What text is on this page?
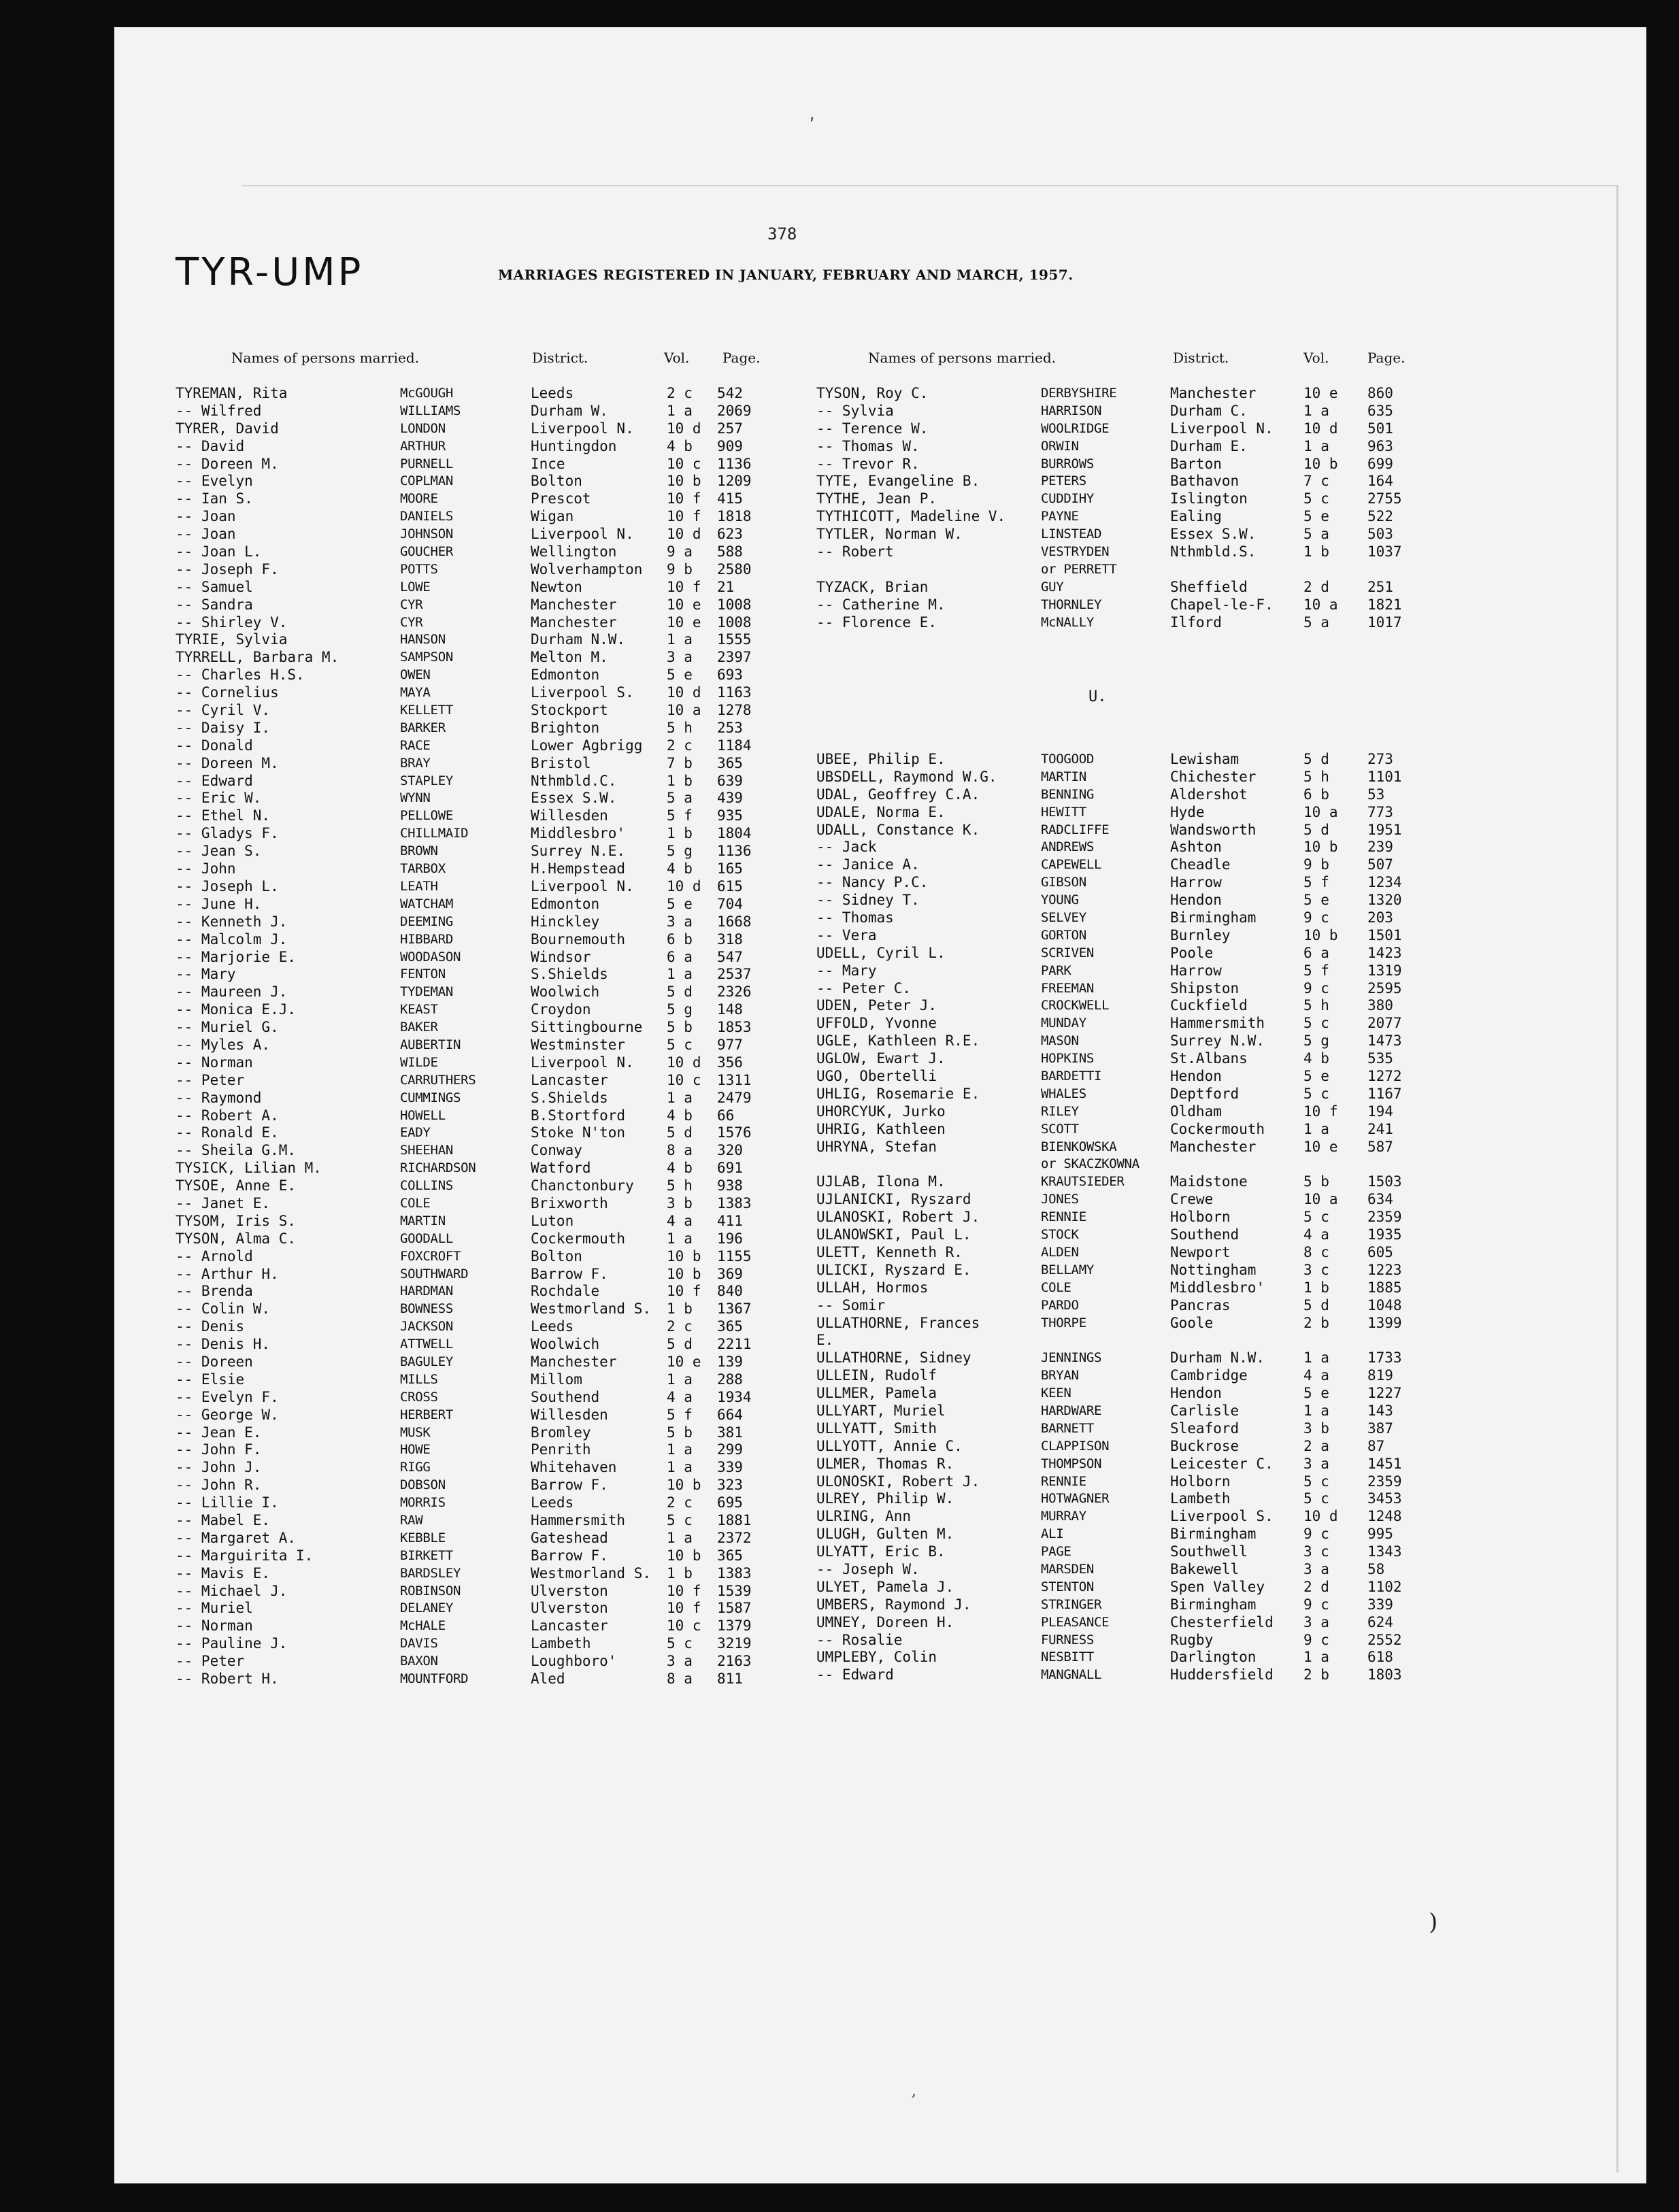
378
TYR-UMP	MARRIAGES REGISTERED IN JANUARY, FEBRUARY AND MARCH, 1957.
Names of persons married.	District.	Vol. Page.	Names of persons married.	District.	Vol.	Page.
TYREMAN, Rita	McGOUGH	Leeds	2 c 542
-- Wilfred	WILLIAMS	Durham W.	1 a 2069
TYRER, David	LONDON	Liverpool N. 10 d 257
-- David	ARTHUR	Huntingdon	4 b 909
-- Doreen M.	PURNELL	Ince	10 c 1136
-- Evelyn	COPLMAN	Bolton	10 b 1209
-- Ian S.	MOORE	Prescot	10 f 415
-- Joan	DANIELS	Wigan	10 f 1818
-- Joan	JOHNSON	Liverpool N. 10 d 623
-- Joan L.	GOUCHER	Wellington	9 a 588
-- Joseph F.	POTTS	Wolverhampton 9 b 2580
-- Samuel	LOWE	Newton	10 f 21
-- Sandra	CYR	Manchester	10 e 1008
-- Shirley V.	CYR	Manchester	10 e 1008
TYRIE, Sylvia	HANSON	Durham N.W.	1 a 1555
TYRRELL, Barbara M.	SAMPSON	Melton M.	3 a 2397
-- Charles H.S.	OWEN	Edmonton	5 e 693
-- Cornelius	MAYA	Liverpool S. 10 d 1163
-- Cyril V.	KELLETT	Stockport	10 a 1278
-- Daisy I.	BARKER	Brighton	5 h 253
-- Donald	RACE	Lower Agbrigg 2 c 1184
-- Doreen M.	BRAY	Bristol	7 b 365
-- Edward	STAPLEY	Nthmbld.C.	1 b 639
-- Eric W.	WYNN	Essex S.W.	5 a 439
-- Ethel N.	PELLOWE	Willesden	5 f 935
-- Gladys F.	CHILLMAID	Middlesbro'	1 b 1804
-- Jean S.	BROWN	Surrey N.E.	5 g 1136
-- John	TARBOX	H.Hempstead	4 b 165
-- Joseph L.	LEATH	Liverpool N. 10 d 615
-- June H.	WATCHAM	Edmonton	5 e 704
-- Kenneth J.	DEEMING	Hinckley	3 a 1668
-- Malcolm J.	HIBBARD	Bournemouth	6 b 318
-- Marjorie E.	WOODASON	Windsor	6 a 547
-- Mary	FENTON	S.Shields	1 a 2537
-- Maureen J.	TYDEMAN	Woolwich	5 d 2326
-- Monica E.J.	KEAST	Croydon	5 g 148
-- Muriel G.	BAKER	Sittingbourne 5 b 1853
-- Myles A.	AUBERTIN	Westminster	5 c 977
-- Norman	WILDE	Liverpool N. 10 d 356
-- Peter	CARRUTHERS	Lancaster	10 c 1311
-- Raymond	CUMMINGS	S.Shields	1 a 2479
-- Robert A.	HOWELL	B.Stortford	4 b 66
-- Ronald E.	EADY	Stoke N'ton	5 d 1576
-- Sheila G.M.	SHEEHAN	Conway	8 a 320
TYSICK, Lilian M.	RICHARDSON	Watford	4 b 691
TYSOE, Anne E.	COLLINS	Chanctonbury 5 h 938
-- Janet E.	COLE	Brixworth	3 b 1383
TYSOM, Iris S.	MARTIN	Luton	4 a 411
TYSON, Alma C.	GOODALL	Cockermouth	1 a 196
-- Arnold	FOXCROFT	Bolton	10 b 1155
-- Arthur H.	SOUTHWARD	Barrow F.	10 b 369
-- Brenda	HARDMAN	Rochdale	10 f 840
-- Colin W.	BOWNESS	Westmorland S. 1 b 1367
-- Denis	JACKSON	Leeds	2 c 365
-- Denis H.	ATTWELL	Woolwich	5 d 2211
-- Doreen	BAGULEY	Manchester	10 e 139
-- Elsie	MILLS	Millom	1 a 288
-- Evelyn F.	CROSS	Southend	4 a 1934
-- George W.	HERBERT	Willesden	5 f 664
-- Jean E.	MUSK	Bromley	5 b 381
-- John F.	HOWE	Penrith	1 a 299
-- John J.	RIGG	Whitehaven	1 a 339
-- John R.	DOBSON	Barrow F.	10 b 323
-- Lillie I.	MORRIS	Leeds	2 c 695
-- Mabel E.	RAW	Hammersmith	5 c 1881
-- Margaret A.	KEBBLE	Gateshead	1 a 2372
-- Marguirita I.	BIRKETT	Barrow F.	10 b 365
-- Mavis E.	BARDSLEY	Westmorland S. 1 b 1383
-- Michael J.	ROBINSON	Ulverston	10 f 1539
-- Muriel	DELANEY	Ulverston	10 f 1587
-- Norman	McHALE	Lancaster	10 c 1379
-- Pauline J.	DAVIS	Lambeth	5 c 3219
-- Peter	BAXON	Loughboro'	3 a 2163
-- Robert H.	MOUNTFORD	Aled	8 a 811
TYSON, Roy C.	DERBYSHIRE	Manchester	10 e 860
-- Sylvia	HARRISON	Durham C.	1 a	635
-- Terence W.	WOOLRIDGE	Liverpool N. 10 d 501
-- Thomas W.	ORWIN	Durham E.	1 a	963
-- Trevor R.	BURROWS	Barton	10 b 699
TYTE, Evangeline B.	PETERS	Bathavon	7 c	164
TYTHE, Jean P.	CUDDIHY	Islington	5 c	2755
TYTHICOTT, Madeline V.	PAYNE	Ealing	5 e	522
TYTLER, Norman W.	LINSTEAD	Essex S.W.	5 a	503
-- Robert	VESTRYDEN	Nthmbld.S.	1 b	1037
or PERRETT
TYZACK, Brian	GUY	Sheffield	2 d	251
-- Catherine M.	THORNLEY	Chapel-le-F. 10 a 1821
-- Florence E.	McNALLY	Ilford	5 a	1017
U.
UBEE, Philip E.	TOOGOOD	Lewisham	5 d	273
UBSDELL, Raymond W.G.	MARTIN	Chichester	5 h	1101
UDAL, Geoffrey C.A.	BENNING	Aldershot	6 b	53
UDALE, Norma E.	HEWITT	Hyde	10 a 773
UDALL, Constance K.	RADCLIFFE	Wandsworth	5 d	1951
-- Jack	ANDREWS	Ashton	10 b 239
-- Janice A.	CAPEWELL	Cheadle	9 b	507
-- Nancy P.C.	GIBSON	Harrow	5 f	1234
-- Sidney T.	YOUNG	Hendon	5 e	1320
-- Thomas	SELVEY	Birmingham	9 c	203
-- Vera	GORTON	Burnley	10 b 1501
UDELL, Cyril L.	SCRIVEN	Poole	6 a	1423
-- Mary	PARK	Harrow	5 f	1319
-- Peter C.	FREEMAN	Shipston	9 c	2595
UDEN, Peter J.	CROCKWELL	Cuckfield	5 h	380
UFFOLD, Yvonne	MUNDAY	Hammersmith	5 c	2077
UGLE, Kathleen R.E.	MASON	Surrey N.W.	5 g	1473
UGLOW, Ewart J.	HOPKINS	St.Albans	4 b	535
UGO, Obertelli	BARDETTI	Hendon	5 e	1272
UHLIG, Rosemarie E.	WHALES	Deptford	5 c	1167
UHORCYUK, Jurko	RILEY	Oldham	10 f 194
UHRIG, Kathleen	SCOTT	Cockermouth	1 a	241
UHRYNA, Stefan	BIENKOWSKA	Manchester	10 e 587
or SKACZKOWNA
UJLAB, Ilona M.	KRAUTSIEDER	Maidstone	5 b	1503
UJLANICKI, Ryszard	JONES	Crewe	10 a 634
ULANOSKI, Robert J.	RENNIE	Holborn	5 c	2359
ULANOWSKI, Paul L.	STOCK	Southend	4 a	1935
ULETT, Kenneth R.	ALDEN	Newport	8 c	605
ULICKI, Ryszard E.	BELLAMY	Nottingham	3 c	1223
ULLAH, Hormos	COLE	Middlesbro'	1 b	1885
-- Somir	PARDO	Pancras	5 d	1048
ULLATHORNE, Frances	THORPE	Goole	2 b	1399
E.
ULLATHORNE, Sidney	JENNINGS	Durham N.W.	1 a	1733
ULLEIN, Rudolf	BRYAN	Cambridge	4 a	819
ULLMER, Pamela	KEEN	Hendon	5 e	1227
ULLYART, Muriel	HARDWARE	Carlisle	1 a	143
ULLYATT, Smith	BARNETT	Sleaford	3 b	387
ULLYOTT, Annie C.	CLAPPISON	Buckrose	2 a	87
ULMER, Thomas R.	THOMPSON	Leicester C. 3 a	1451
ULONOSKI, Robert J.	RENNIE	Holborn	5 c	2359
ULREY, Philip W.	HOTWAGNER	Lambeth	5 c	3453
ULRING, Ann	MURRAY	Liverpool S. 10 d 1248
ULUGH, Gulten M.	ALI	Birmingham	9 c	995
ULYATT, Eric B.	PAGE	Southwell	3 c	1343
-- Joseph W.	MARSDEN	Bakewell	3 a	58
ULYET, Pamela J.	STENTON	Spen Valley	2 d	1102
UMBERS, Raymond J.	STRINGER	Birmingham	9 c	339
UMNEY, Doreen H.	PLEASANCE	Chesterfield 3 a	624
-- Rosalie	FURNESS	Rugby	9 c	2552
UMPLEBY, Colin	NESBITT	Darlington	1 a	618
-- Edward	MANGNALL	Huddersfield 2 b	1803
ʹ
,
)
